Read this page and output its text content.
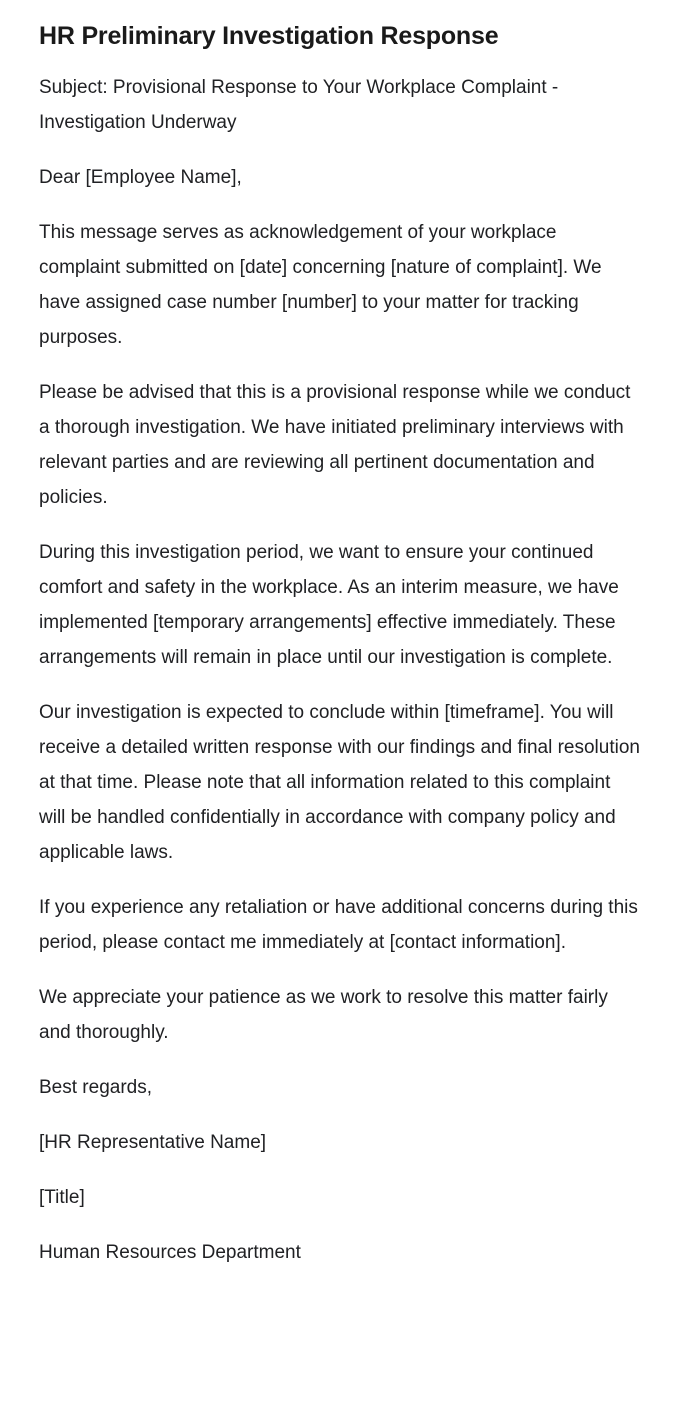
HR Preliminary Investigation Response

Subject: Provisional Response to Your Workplace Complaint - Investigation Underway

Dear [Employee Name],

This message serves as acknowledgement of your workplace complaint submitted on [date] concerning [nature of complaint]. We have assigned case number [number] to your matter for tracking purposes.

Please be advised that this is a provisional response while we conduct a thorough investigation. We have initiated preliminary interviews with relevant parties and are reviewing all pertinent documentation and policies.

During this investigation period, we want to ensure your continued comfort and safety in the workplace. As an interim measure, we have implemented [temporary arrangements] effective immediately. These arrangements will remain in place until our investigation is complete.

Our investigation is expected to conclude within [timeframe]. You will receive a detailed written response with our findings and final resolution at that time. Please note that all information related to this complaint will be handled confidentially in accordance with company policy and applicable laws.

If you experience any retaliation or have additional concerns during this period, please contact me immediately at [contact information].

We appreciate your patience as we work to resolve this matter fairly and thoroughly.

Best regards,

[HR Representative Name]

[Title]

Human Resources Department
